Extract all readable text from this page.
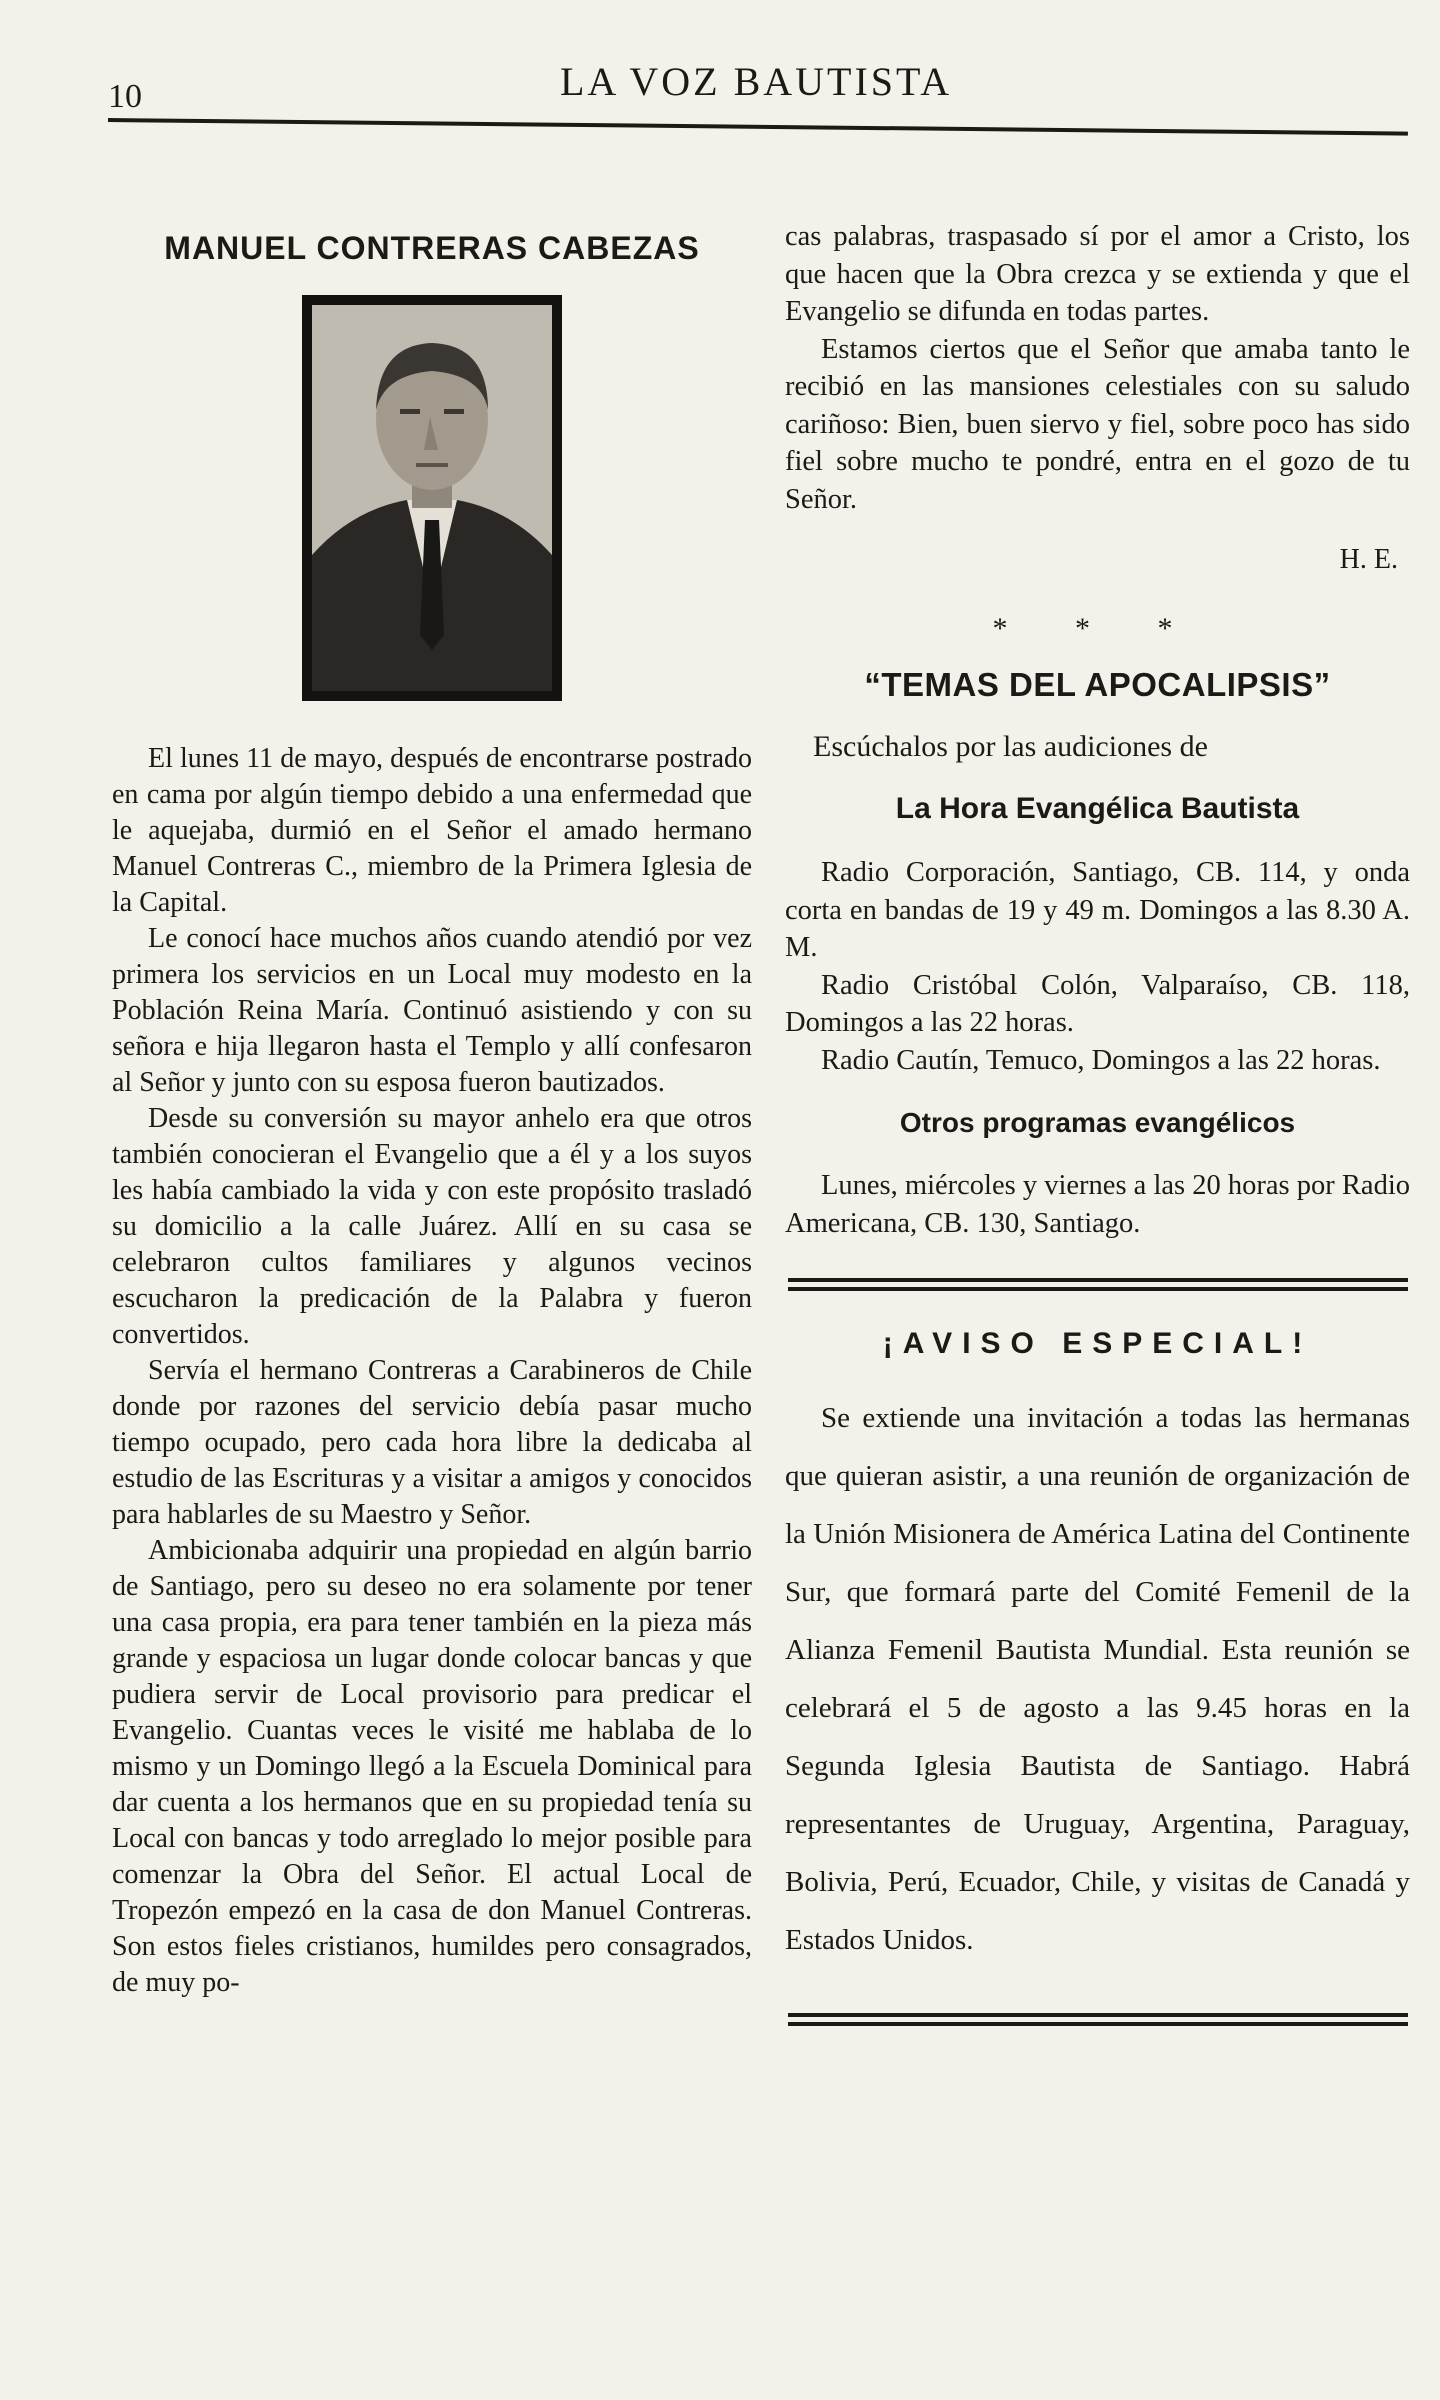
10	LA VOZ BAUTISTA
MANUEL CONTRERAS CABEZAS

El lunes 11 de mayo, después de encontrarse postrado en cama por algún tiempo debido a una enfermedad que le aquejaba, durmió en el Señor el amado hermano Manuel Contreras C., miembro de la Primera Iglesia de la Capital.

Le conocí hace muchos años cuando atendió por vez primera los servicios en un Local muy modesto en la Población Reina María. Continuó asistiendo y con su señora e hija llegaron hasta el Templo y allí confesaron al Señor y junto con su esposa fueron bautizados.

Desde su conversión su mayor anhelo era que otros también conocieran el Evangelio que a él y a los suyos les había cambiado la vida y con este propósito trasladó su domicilio a la calle Juárez. Allí en su casa se celebraron cultos familiares y algunos vecinos escucharon la predicación de la Palabra y fueron convertidos.

Servía el hermano Contreras a Carabineros de Chile donde por razones del servicio debía pasar mucho tiempo ocupado, pero cada hora libre la dedicaba al estudio de las Escrituras y a visitar a amigos y conocidos para hablarles de su Maestro y Señor.

Ambicionaba adquirir una propiedad en algún barrio de Santiago, pero su deseo no era solamente por tener una casa propia, era para tener también en la pieza más grande y espaciosa un lugar donde colocar bancas y que pudiera servir de Local provisorio para predicar el Evangelio. Cuantas veces le visité me hablaba de lo mismo y un Domingo llegó a la Escuela Dominical para dar cuenta a los hermanos que en su propiedad tenía su Local con bancas y todo arreglado lo mejor posible para comenzar la Obra del Señor. El actual Local de Tropezón empezó en la casa de don Manuel Contreras. Son estos fieles cristianos, humildes pero consagrados, de muy po-

cas palabras, traspasado sí por el amor a Cristo, los que hacen que la Obra crezca y se extienda y que el Evangelio se difunda en todas partes.

Estamos ciertos que el Señor que amaba tanto le recibió en las mansiones celestiales con su saludo cariñoso: Bien, buen siervo y fiel, sobre poco has sido fiel sobre mucho te pondré, entra en el gozo de tu Señor.

H. E.
* * *
“TEMAS DEL APOCALIPSIS”
Escúchalos por las audiciones de
La Hora Evangélica Bautista

Radio Corporación, Santiago, CB. 114, y onda corta en bandas de 19 y 49 m. Domingos a las 8.30 A. M.

Radio Cristóbal Colón, Valparaíso, CB. 118, Domingos a las 22 horas.

Radio Cautín, Temuco, Domingos a las 22 horas.

Otros programas evangélicos

Lunes, miércoles y viernes a las 20 horas por Radio Americana, CB. 130, Santiago.

¡AVISO ESPECIAL!

Se extiende una invitación a todas las hermanas que quieran asistir, a una reunión de organización de la Unión Misionera de América Latina del Continente Sur, que formará parte del Comité Femenil de la Alianza Femenil Bautista Mundial. Esta reunión se celebrará el 5 de agosto a las 9.45 horas en la Segunda Iglesia Bautista de Santiago. Habrá representantes de Uruguay, Argentina, Paraguay, Bolivia, Perú, Ecuador, Chile, y visitas de Canadá y Estados Unidos.
